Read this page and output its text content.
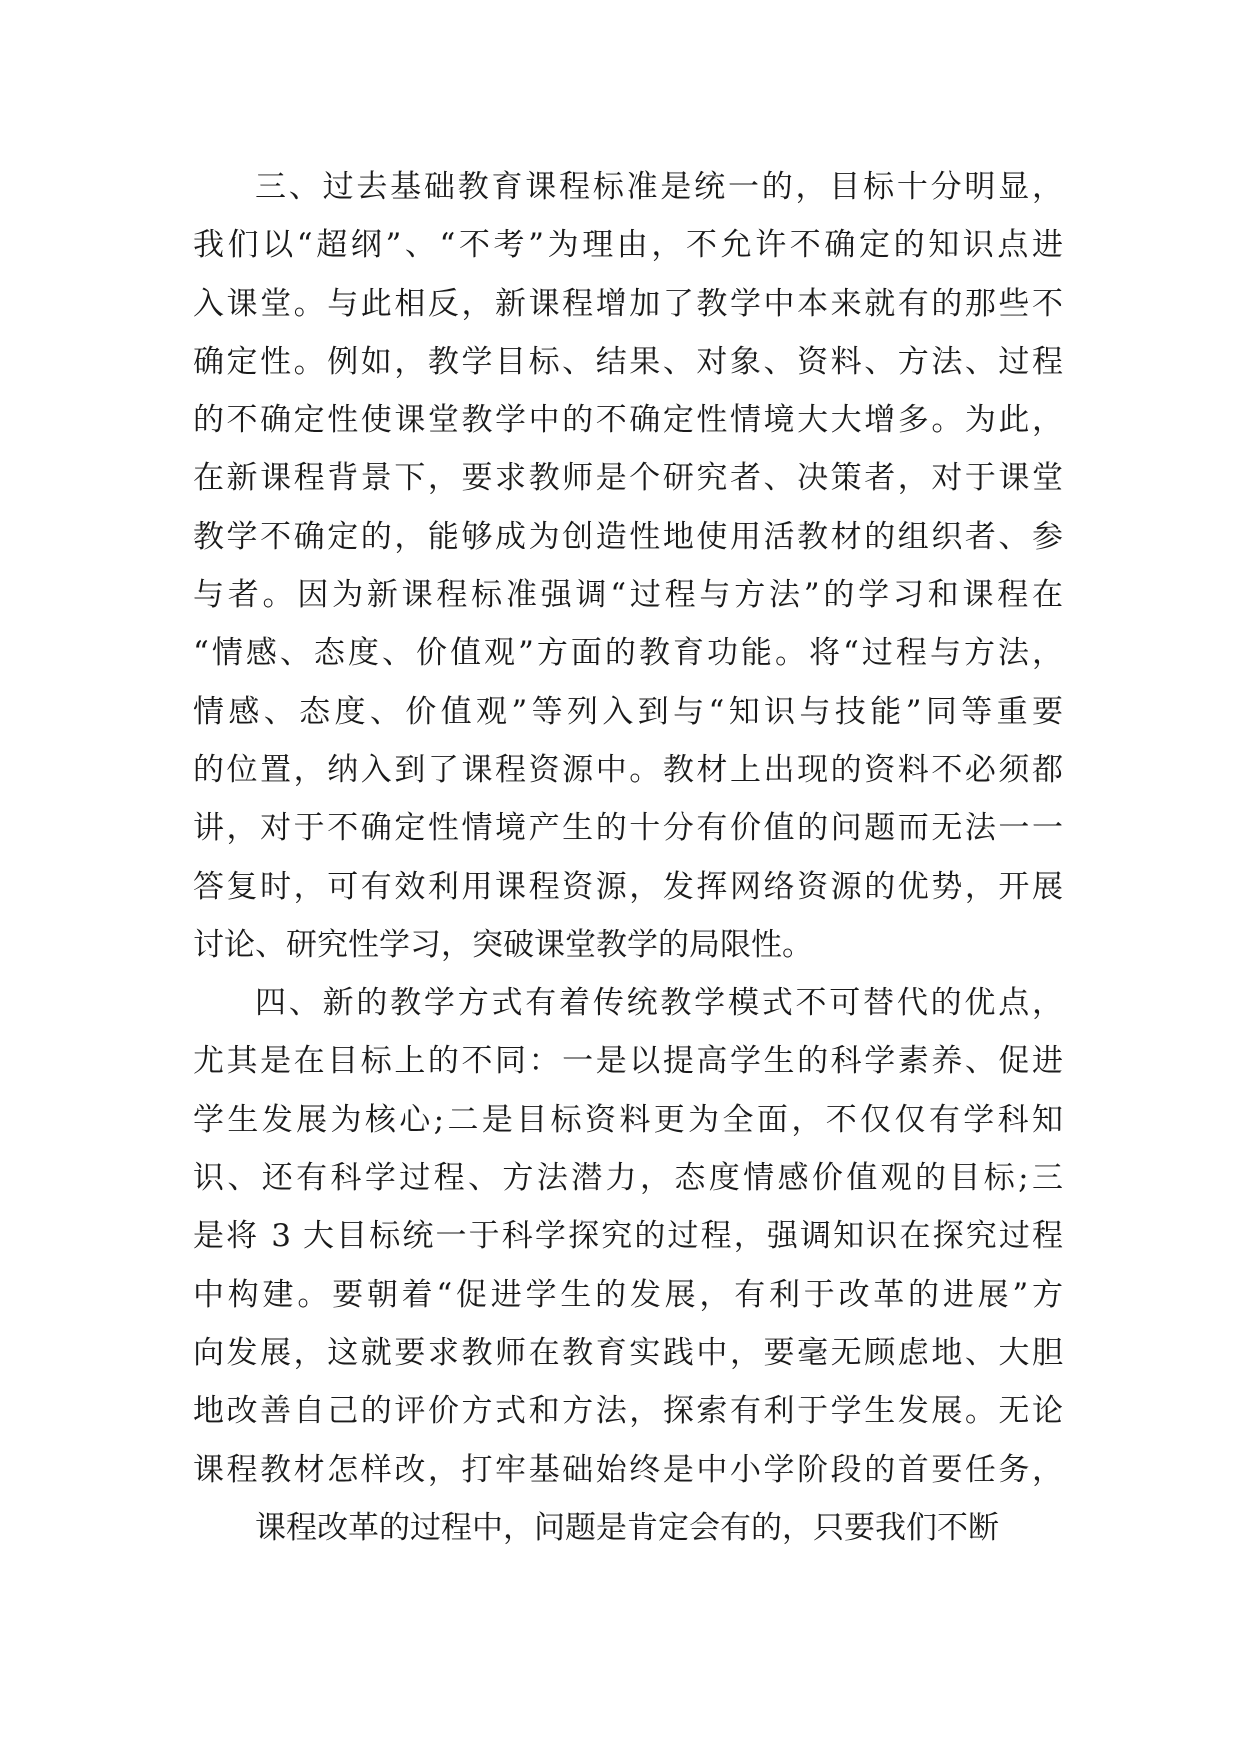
三、过去基础教育课程标准是统一的，目标十分明显，
我们以“超纲”、“不考”为理由，不允许不确定的知识点进
入课堂。与此相反，新课程增加了教学中本来就有的那些不
确定性。例如，教学目标、结果、对象、资料、方法、过程
的不确定性使课堂教学中的不确定性情境大大增多。为此，
在新课程背景下，要求教师是个研究者、决策者，对于课堂
教学不确定的，能够成为创造性地使用活教材的组织者、参
与者。因为新课程标准强调“过程与方法”的学习和课程在
“情感、态度、价值观”方面的教育功能。将“过程与方法，
情感、态度、价值观”等列入到与“知识与技能”同等重要
的位置，纳入到了课程资源中。教材上出现的资料不必须都
讲，对于不确定性情境产生的十分有价值的问题而无法一一
答复时，可有效利用课程资源，发挥网络资源的优势，开展
讨论、研究性学习，突破课堂教学的局限性。
四、新的教学方式有着传统教学模式不可替代的优点，
尤其是在目标上的不同：一是以提高学生的科学素养、促进
学生发展为核心;二是目标资料更为全面，不仅仅有学科知
识、还有科学过程、方法潜力，态度情感价值观的目标;三
是将 3 大目标统一于科学探究的过程，强调知识在探究过程
中构建。要朝着“促进学生的发展，有利于改革的进展”方
向发展，这就要求教师在教育实践中，要毫无顾虑地、大胆
地改善自己的评价方式和方法，探索有利于学生发展。无论
课程教材怎样改，打牢基础始终是中小学阶段的首要任务，
课程改革的过程中，问题是肯定会有的，只要我们不断
